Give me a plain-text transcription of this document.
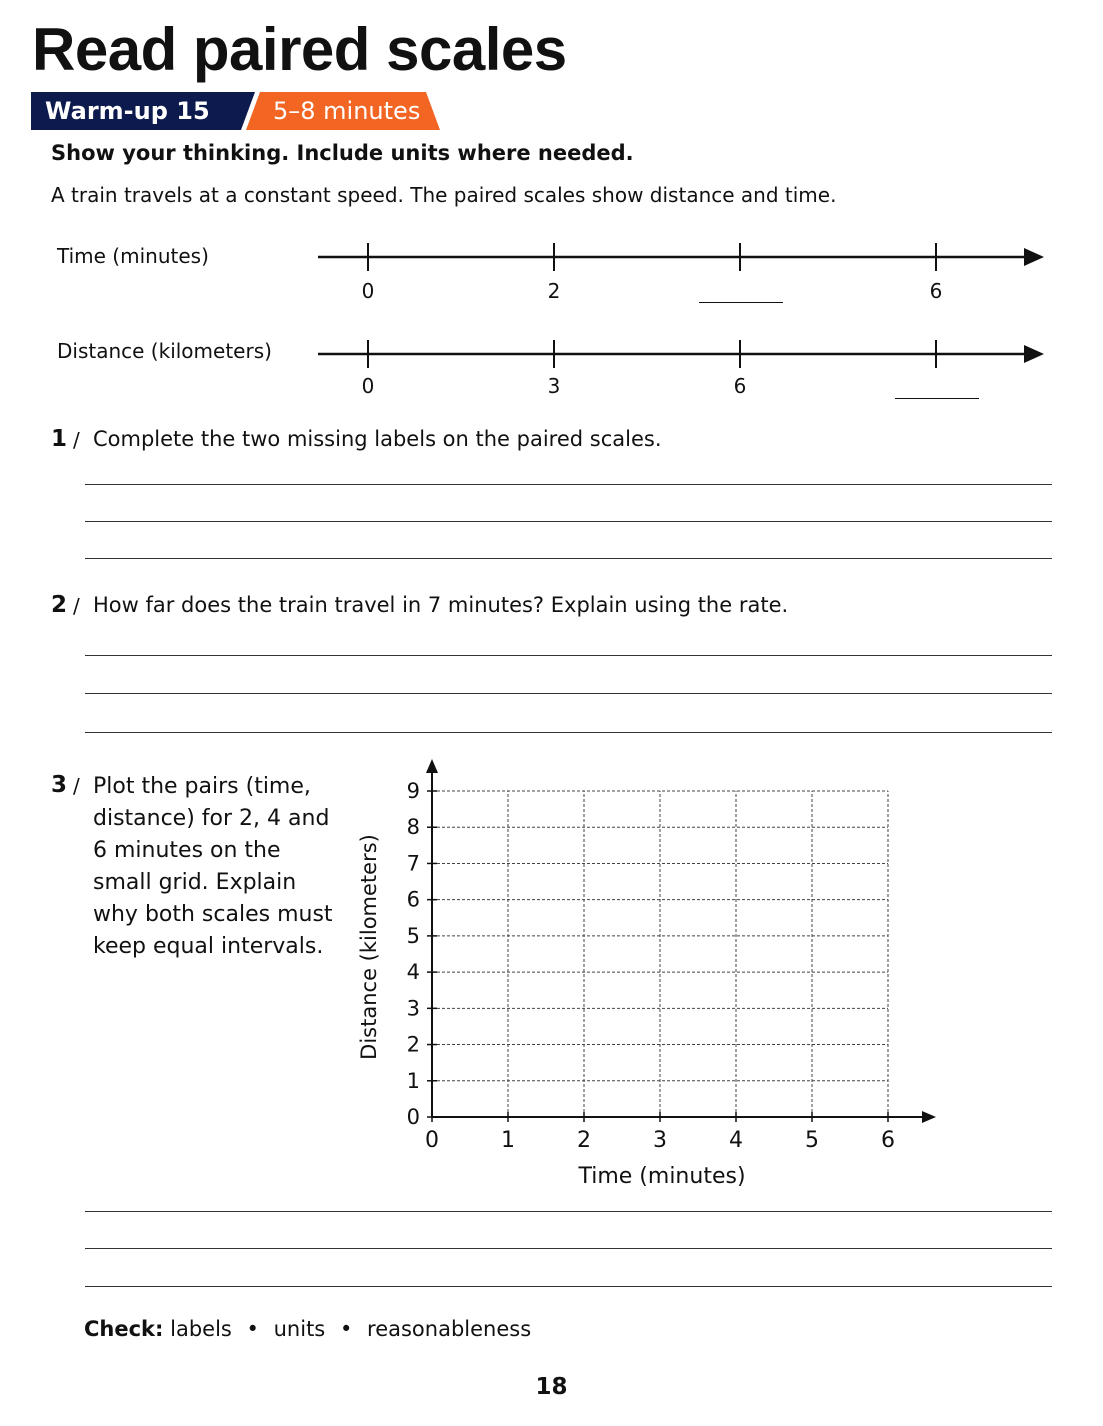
Read paired scales
Warm-up 15	5–8 minutes
Show your thinking. Include units where needed.
A train travels at a constant speed. The paired scales show distance and time.
Time (minutes)
Distance (kilometers)
0	2	6
0	3	6
1 / Complete the two missing labels on the paired scales.
2 / How far does the train travel in 7 minutes? Explain using the rate.
3 / Plot the pairs (time, distance) for 2, 4 and 6 minutes on the small grid. Explain why both scales must keep equal intervals.
0	1	2	3	4	5	6
0
1
2
3
4
5
6
7
8
9
Time (minutes)
Distance (kilometers)
Check: labels • units • reasonableness
18
